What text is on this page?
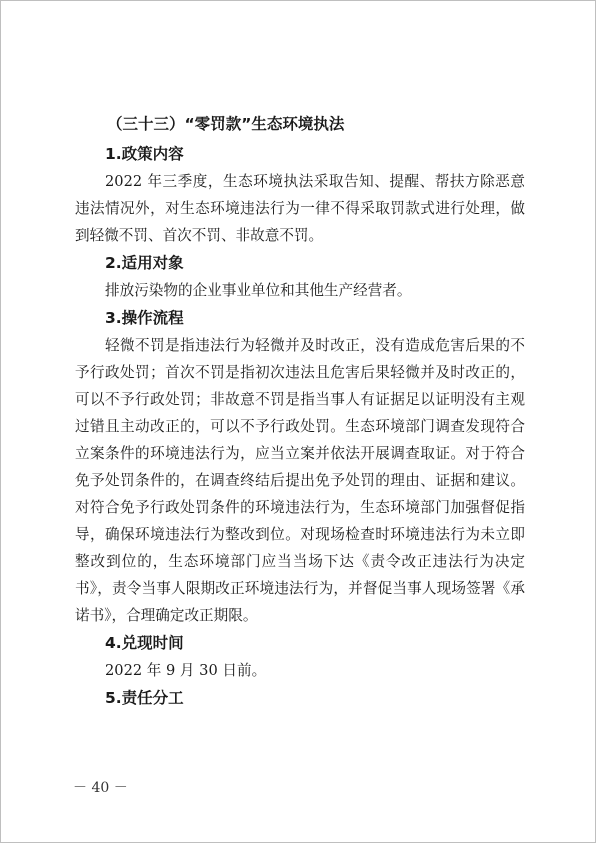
（三十三）“零罚款”生态环境执法
1.政策内容

2022 年三季度，生态环境执法采取告知、提醒、帮扶方除恶意违法情况外，对生态环境违法行为一律不得采取罚款式进行处理，做到轻微不罚、首次不罚、非故意不罚。

2.适用对象

排放污染物的企业事业单位和其他生产经营者。

3.操作流程

轻微不罚是指违法行为轻微并及时改正，没有造成危害后果的不予行政处罚；首次不罚是指初次违法且危害后果轻微并及时改正的，可以不予行政处罚；非故意不罚是指当事人有证据足以证明没有主观过错且主动改正的，可以不予行政处罚。生态环境部门调查发现符合立案条件的环境违法行为，应当立案并依法开展调查取证。对于符合免予处罚条件的，在调查终结后提出免予处罚的理由、证据和建议。对符合免予行政处罚条件的环境违法行为，生态环境部门加强督促指导，确保环境违法行为整改到位。对现场检查时环境违法行为未立即整改到位的，生态环境部门应当当场下达《责令改正违法行为决定书》，责令当事人限期改正环境违法行为，并督促当事人现场签署《承诺书》，合理确定改正期限。

4.兑现时间

2022 年 9 月 30 日前。

5.责任分工
－ 40 －
